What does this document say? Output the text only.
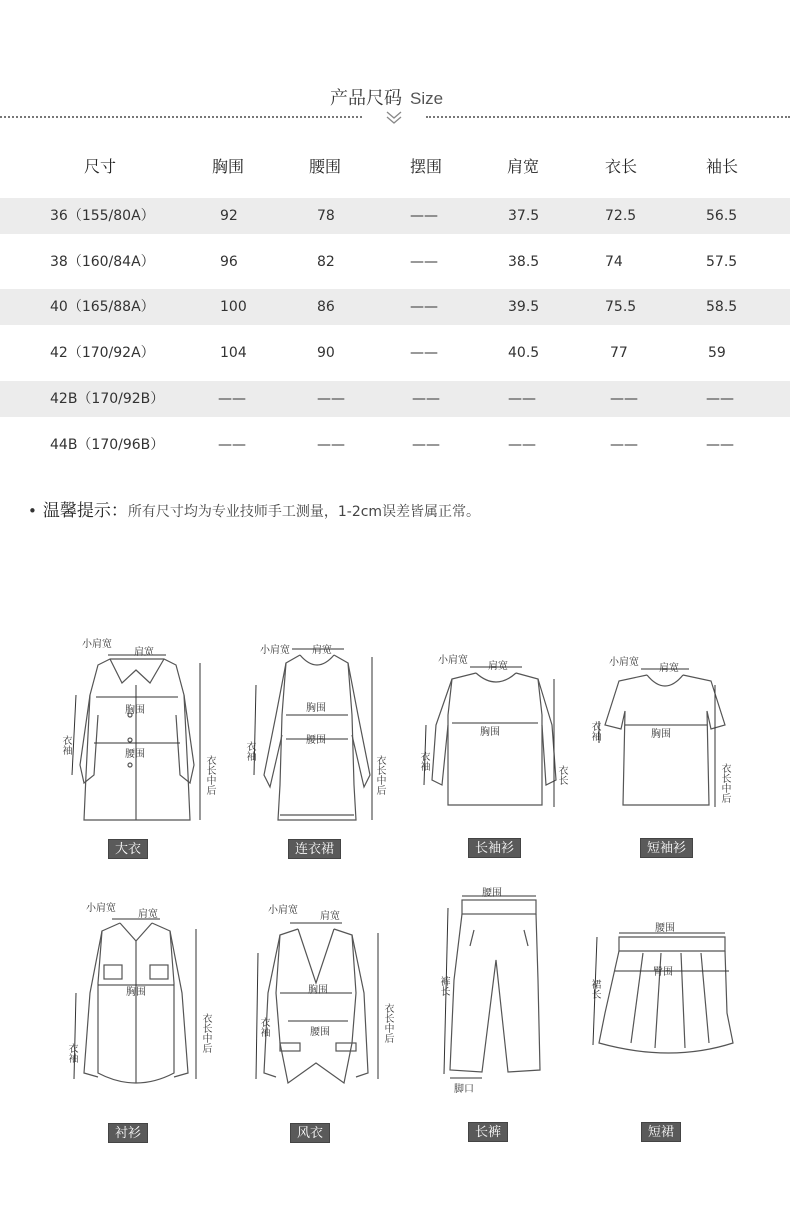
产品尺码 Size
尺寸	胸围	腰围	摆围	肩宽	衣长	袖长
36（155/80A）	92	78	——	37.5	72.5	56.5
38（160/84A）	96	82	——	38.5	74	57.5
40（165/88A）	100	86	——	39.5	75.5	58.5
42（170/92A）	104	90	——	40.5	77	59
42B（170/92B）	——	——	——	——	——	——
44B（170/96B）	——	——	——	——	——	——
• 温馨提示：所有尺寸均为专业技师手工测量，1-2cm误差皆属正常。
小肩宽
肩宽
胸围
腰围
衣袖
衣长中后
大衣
小肩宽 肩宽
胸围
腰围
衣袖
衣长中后
连衣裙
小肩宽
肩宽
胸围
衣袖
衣长
长袖衫
小肩宽
肩宽
胸围
衣袖
衣长中后
短袖衫
小肩宽
肩宽
胸围
衣袖	衣长中后
衬衫
小肩宽
肩宽
胸围
腰围
衣袖	衣长中后
风衣
腰围
裤长
脚口
长裤
腰围
臀围
裙长
短裙
